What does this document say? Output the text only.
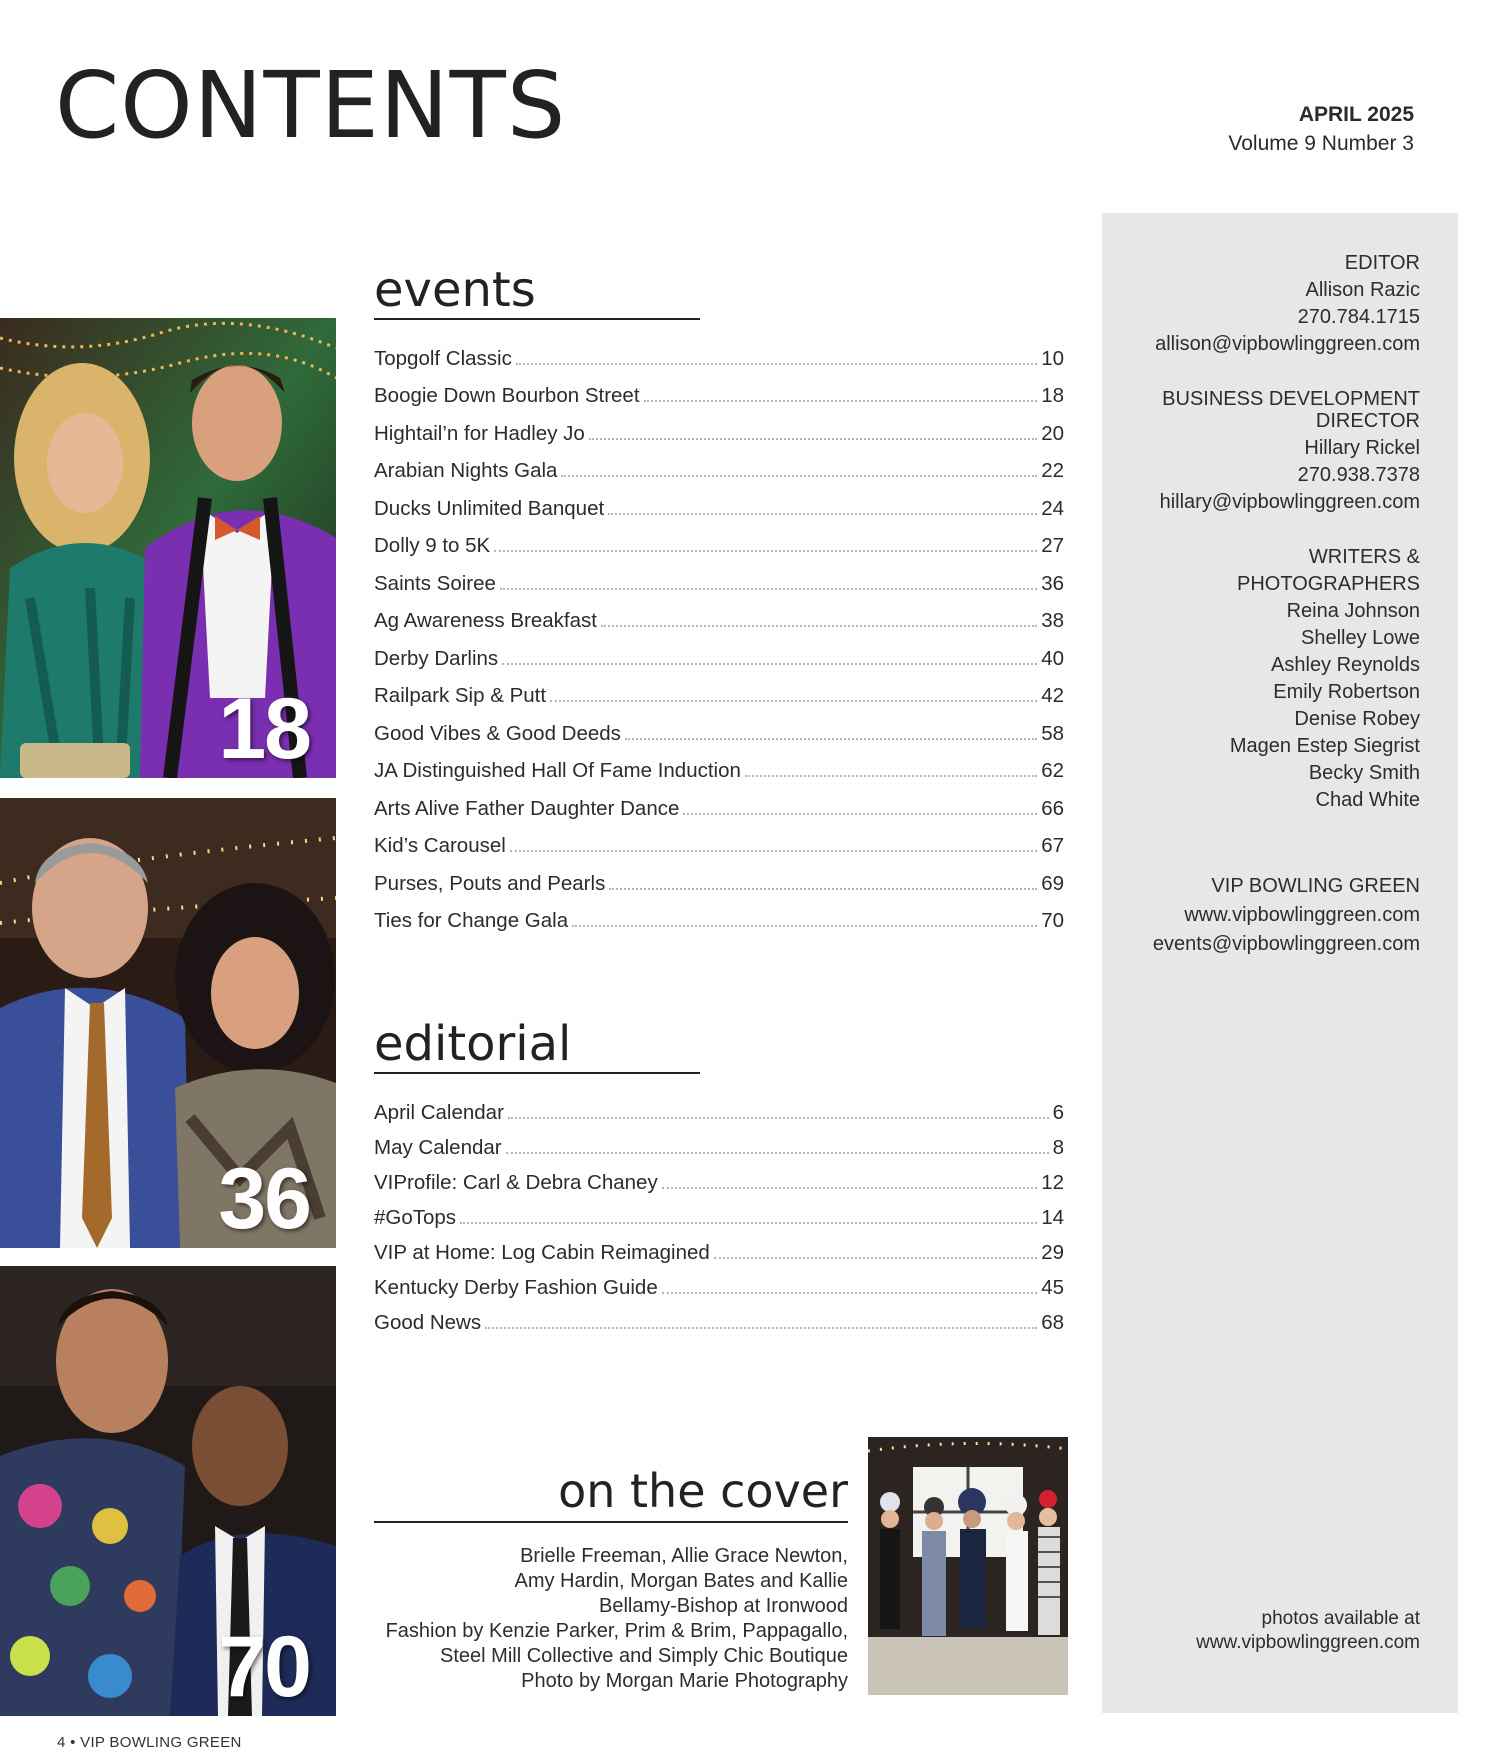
CONTENTS	APRIL 2025
Volume 9 Number 3
18
36
70
events
Topgolf Classic	10
Boogie Down Bourbon Street	18
Hightail’n for Hadley Jo	20
Arabian Nights Gala	22
Ducks Unlimited Banquet	24
Dolly 9 to 5K	27
Saints Soiree	36
Ag Awareness Breakfast	38
Derby Darlins	40
Railpark Sip & Putt	42
Good Vibes & Good Deeds	58
JA Distinguished Hall Of Fame Induction	62
Arts Alive Father Daughter Dance	66
Kid’s Carousel	67
Purses, Pouts and Pearls	69
Ties for Change Gala	70
editorial
April Calendar	6
May Calendar	8
VIProfile: Carl & Debra Chaney	12
#GoTops	14
VIP at Home: Log Cabin Reimagined	29
Kentucky Derby Fashion Guide	45
Good News	68
on the cover
Brielle Freeman, Allie Grace Newton,
Amy Hardin, Morgan Bates and Kallie
Bellamy-Bishop at Ironwood
Fashion by Kenzie Parker, Prim & Brim, Pappagallo,
Steel Mill Collective and Simply Chic Boutique
Photo by Morgan Marie Photography
EDITOR
Allison Razic
270.784.1715
allison@vipbowlinggreen.com
BUSINESS DEVELOPMENT
DIRECTOR
Hillary Rickel
270.938.7378
hillary@vipbowlinggreen.com
WRITERS &
PHOTOGRAPHERS
Reina Johnson
Shelley Lowe
Ashley Reynolds
Emily Robertson
Denise Robey
Magen Estep Siegrist
Becky Smith
Chad White
VIP BOWLING GREEN
www.vipbowlinggreen.com
events@vipbowlinggreen.com
photos available at
www.vipbowlinggreen.com
4 • VIP BOWLING GREEN
